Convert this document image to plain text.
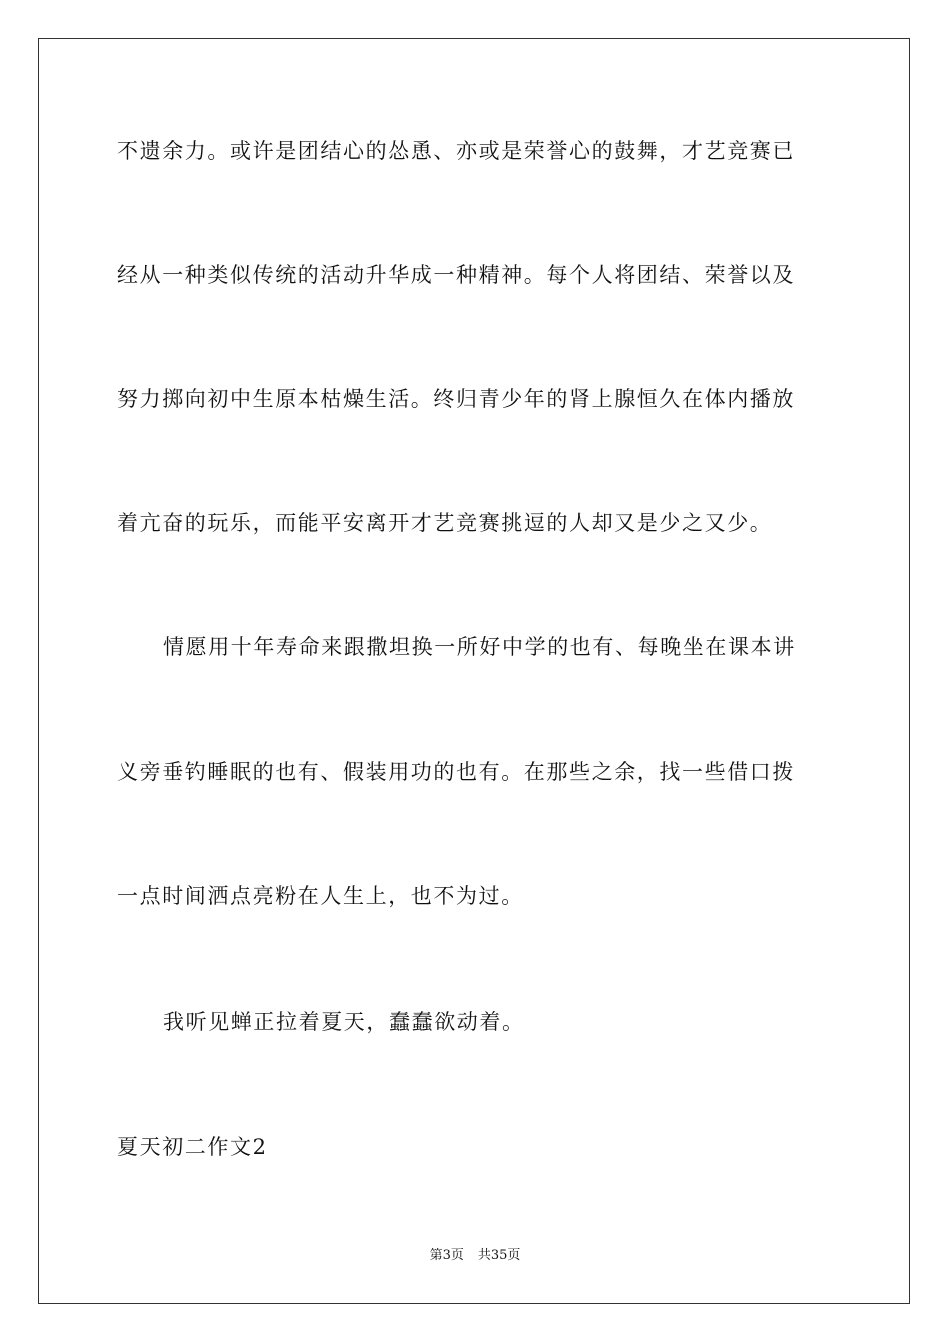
不遗余力。或许是团结心的怂恿、亦或是荣誉心的鼓舞，才艺竞赛已

经从一种类似传统的活动升华成一种精神。每个人将团结、荣誉以及

努力掷向初中生原本枯燥生活。终归青少年的肾上腺恒久在体内播放

着亢奋的玩乐，而能平安离开才艺竞赛挑逗的人却又是少之又少。

情愿用十年寿命来跟撒坦换一所好中学的也有、每晚坐在课本讲

义旁垂钓睡眠的也有、假装用功的也有。在那些之余，找一些借口拨

一点时间洒点亮粉在人生上，也不为过。

我听见蝉正拉着夏天，蠢蠢欲动着。

夏天初二作文2

第3页 共35页
